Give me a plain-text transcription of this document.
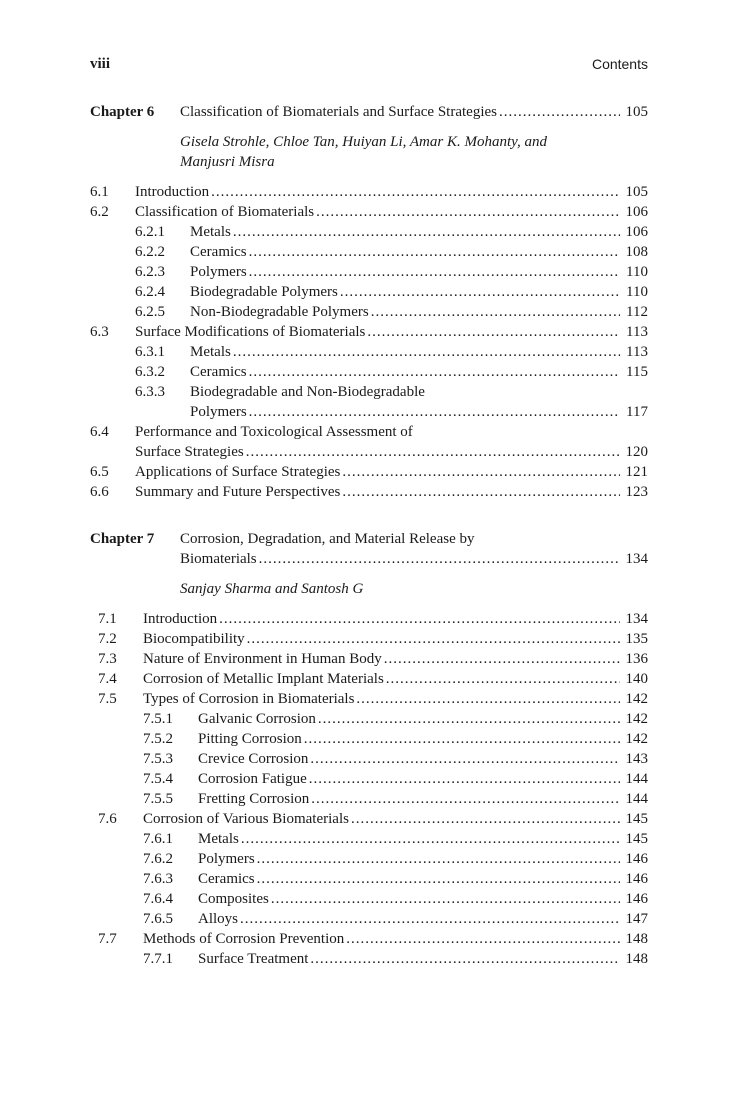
viii	Contents
Chapter 6 Classification of Biomaterials and Surface Strategies .....	105
Gisela Strohle, Chloe Tan, Huiyan Li, Amar K. Mohanty, and
Manjusri Misra
6.1 Introduction .....	105
6.2 Classification of Biomaterials .....	106
6.2.1 Metals .....	106
6.2.2 Ceramics .....	108
6.2.3 Polymers .....	110
6.2.4 Biodegradable Polymers .....	110
6.2.5 Non-Biodegradable Polymers .....	112
6.3 Surface Modifications of Biomaterials .....	113
6.3.1 Metals .....	113
6.3.2 Ceramics .....	115
6.3.3 Biodegradable and Non-Biodegradable
Polymers .....	117
6.4 Performance and Toxicological Assessment of
Surface Strategies .....	120
6.5 Applications of Surface Strategies .....	121
6.6 Summary and Future Perspectives .....	123
Chapter 7 Corrosion, Degradation, and Material Release by
Biomaterials .....	134
Sanjay Sharma and Santosh G
7.1 Introduction .....	134
7.2 Biocompatibility .....	135
7.3 Nature of Environment in Human Body .....	136
7.4 Corrosion of Metallic Implant Materials .....	140
7.5 Types of Corrosion in Biomaterials .....	142
7.5.1 Galvanic Corrosion .....	142
7.5.2 Pitting Corrosion .....	142
7.5.3 Crevice Corrosion .....	143
7.5.4 Corrosion Fatigue .....	144
7.5.5 Fretting Corrosion .....	144
7.6 Corrosion of Various Biomaterials .....	145
7.6.1 Metals .....	145
7.6.2 Polymers .....	146
7.6.3 Ceramics .....	146
7.6.4 Composites .....	146
7.6.5 Alloys .....	147
7.7 Methods of Corrosion Prevention .....	148
7.7.1 Surface Treatment .....	148
